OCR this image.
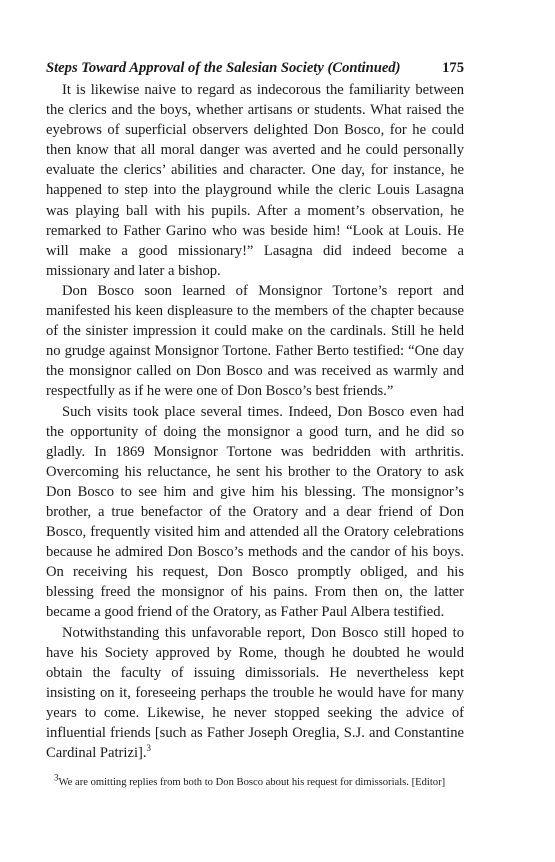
Steps Toward Approval of the Salesian Society (Continued)	175

It is likewise naive to regard as indecorous the familiarity between the clerics and the boys, whether artisans or students. What raised the eyebrows of superficial observers delighted Don Bosco, for he could then know that all moral danger was averted and he could personally evaluate the clerics’ abilities and character. One day, for instance, he happened to step into the playground while the cleric Louis Lasagna was playing ball with his pupils. After a moment’s observation, he remarked to Father Garino who was beside him! “Look at Louis. He will make a good missionary!” Lasagna did indeed become a missionary and later a bishop.

Don Bosco soon learned of Monsignor Tortone’s report and manifested his keen displeasure to the members of the chapter because of the sinister impression it could make on the cardinals. Still he held no grudge against Monsignor Tortone. Father Berto testified: “One day the monsignor called on Don Bosco and was received as warmly and respectfully as if he were one of Don Bosco’s best friends.”

Such visits took place several times. Indeed, Don Bosco even had the opportunity of doing the monsignor a good turn, and he did so gladly. In 1869 Monsignor Tortone was bedridden with arthritis. Overcoming his reluctance, he sent his brother to the Oratory to ask Don Bosco to see him and give him his blessing. The monsignor’s brother, a true benefactor of the Oratory and a dear friend of Don Bosco, frequently visited him and attended all the Oratory celebrations because he admired Don Bosco’s methods and the candor of his boys. On receiving his request, Don Bosco promptly obliged, and his blessing freed the monsignor of his pains. From then on, the latter became a good friend of the Oratory, as Father Paul Albera testified.

Notwithstanding this unfavorable report, Don Bosco still hoped to have his Society approved by Rome, though he doubted he would obtain the faculty of issuing dimissorials. He nevertheless kept insisting on it, foreseeing perhaps the trouble he would have for many years to come. Likewise, he never stopped seeking the advice of influential friends [such as Father Joseph Oreglia, S.J. and Constantine Cardinal Patrizi].$^3$

$^3$We are omitting replies from both to Don Bosco about his request for dimissorials. [Editor]
